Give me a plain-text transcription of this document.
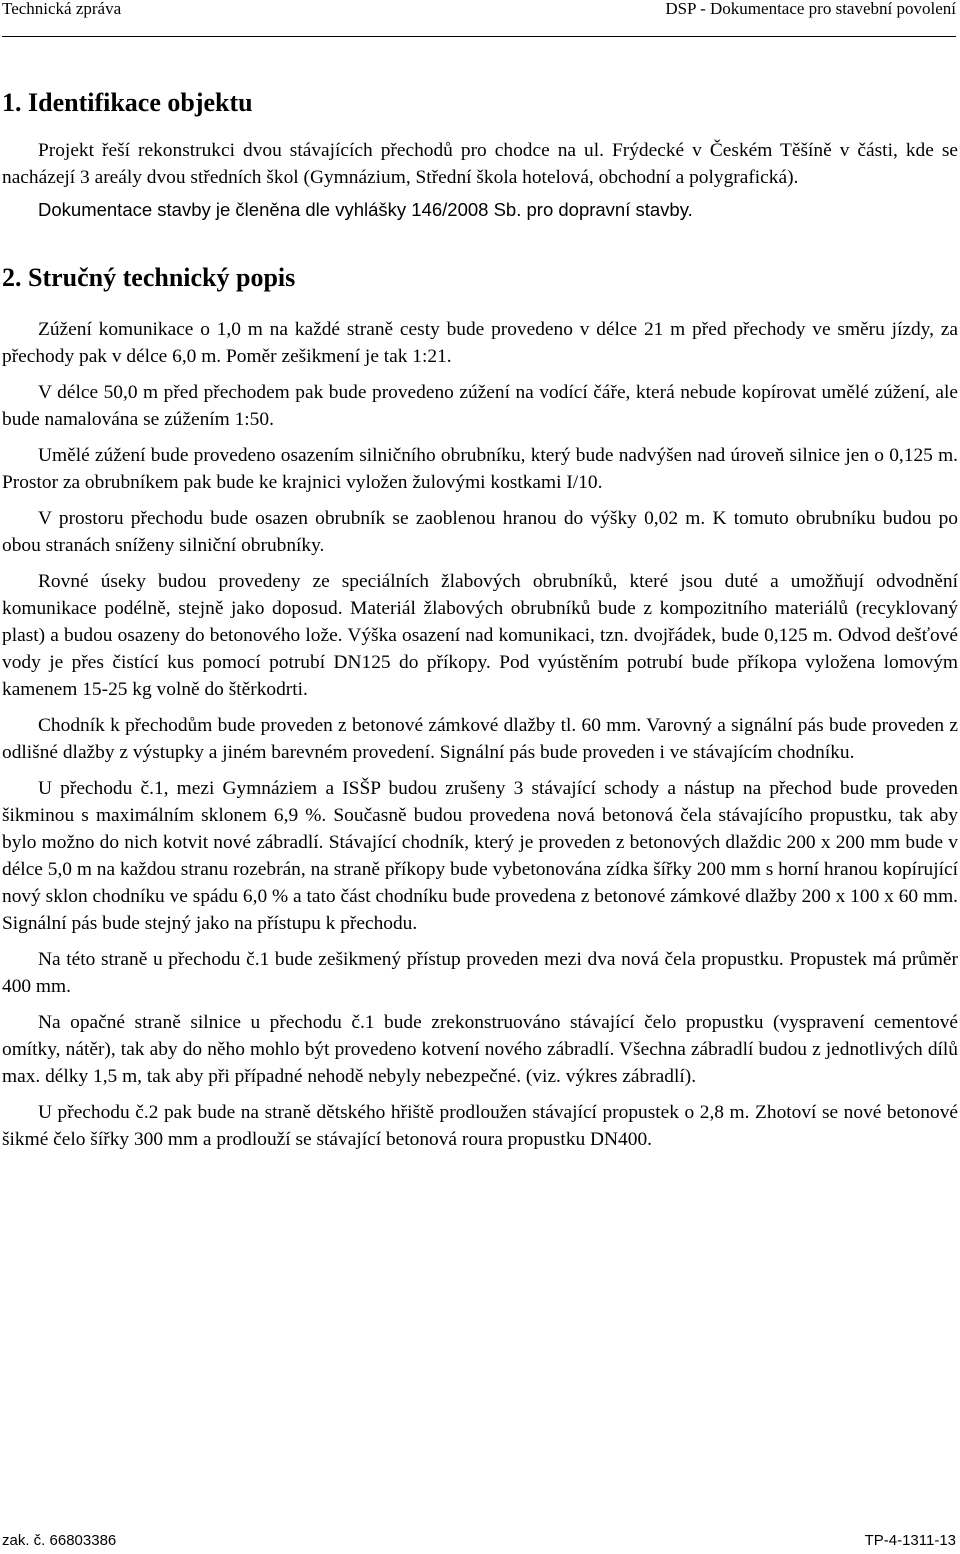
Technická zpráva	DSP - Dokumentace pro stavební povolení
1. Identifikace objektu

Projekt řeší rekonstrukci dvou stávajících přechodů pro chodce na ul. Frýdecké v Českém Těšíně v části, kde se nacházejí 3 areály dvou středních škol (Gymnázium, Střední škola hotelová, obchodní a polygrafická).

Dokumentace stavby je členěna dle vyhlášky 146/2008 Sb. pro dopravní stavby.

2. Stručný technický popis

Zúžení komunikace o 1,0 m na každé straně cesty bude provedeno v délce 21 m před přechody ve směru jízdy, za přechody pak v délce 6,0 m. Poměr zešikmení je tak 1:21.

V délce 50,0 m před přechodem pak bude provedeno zúžení na vodící čáře, která nebude kopírovat umělé zúžení, ale bude namalována se zúžením 1:50.

Umělé zúžení bude provedeno osazením silničního obrubníku, který bude nadvýšen nad úroveň silnice jen o 0,125 m. Prostor za obrubníkem pak bude ke krajnici vyložen žulovými kostkami I/10.

V prostoru přechodu bude osazen obrubník se zaoblenou hranou do výšky 0,02 m. K tomuto obrubníku budou po obou stranách sníženy silniční obrubníky.

Rovné úseky budou provedeny ze speciálních žlabových obrubníků, které jsou duté a umožňují odvodnění komunikace podélně, stejně jako doposud. Materiál žlabových obrubníků bude z kompozitního materiálů (recyklovaný plast) a budou osazeny do betonového lože. Výška osazení nad komunikaci, tzn. dvojřádek, bude 0,125 m. Odvod dešťové vody je přes čistící kus pomocí potrubí DN125 do příkopy. Pod vyústěním potrubí bude příkopa vyložena lomovým kamenem 15-25 kg volně do štěrkodrti.

Chodník k přechodům bude proveden z betonové zámkové dlažby tl. 60 mm. Varovný a signální pás bude proveden z odlišné dlažby z výstupky a jiném barevném provedení. Signální pás bude proveden i ve stávajícím chodníku.

U přechodu č.1, mezi Gymnáziem a ISŠP budou zrušeny 3 stávající schody a nástup na přechod bude proveden šikminou s maximálním sklonem 6,9 %. Současně budou provedena nová betonová čela stávajícího propustku, tak aby bylo možno do nich kotvit nové zábradlí. Stávající chodník, který je proveden z betonových dlaždic 200 x 200 mm bude v délce 5,0 m na každou stranu rozebrán, na straně příkopy bude vybetonována zídka šířky 200 mm s horní hranou kopírující nový sklon chodníku ve spádu 6,0 % a tato část chodníku bude provedena z betonové zámkové dlažby 200 x 100 x 60 mm. Signální pás bude stejný jako na přístupu k přechodu.

Na této straně u přechodu č.1 bude zešikmený přístup proveden mezi dva nová čela propustku. Propustek má průměr 400 mm.

Na opačné straně silnice u přechodu č.1 bude zrekonstruováno stávající čelo propustku (vyspravení cementové omítky, nátěr), tak aby do něho mohlo být provedeno kotvení nového zábradlí. Všechna zábradlí budou z jednotlivých dílů max. délky 1,5 m, tak aby při případné nehodě nebyly nebezpečné. (viz. výkres zábradlí).

U přechodu č.2 pak bude na straně dětského hřiště prodloužen stávající propustek o 2,8 m. Zhotoví se nové betonové šikmé čelo šířky 300 mm a prodlouží se stávající betonová roura propustku DN400.

zak. č. 66803386	TP-4-1311-13
